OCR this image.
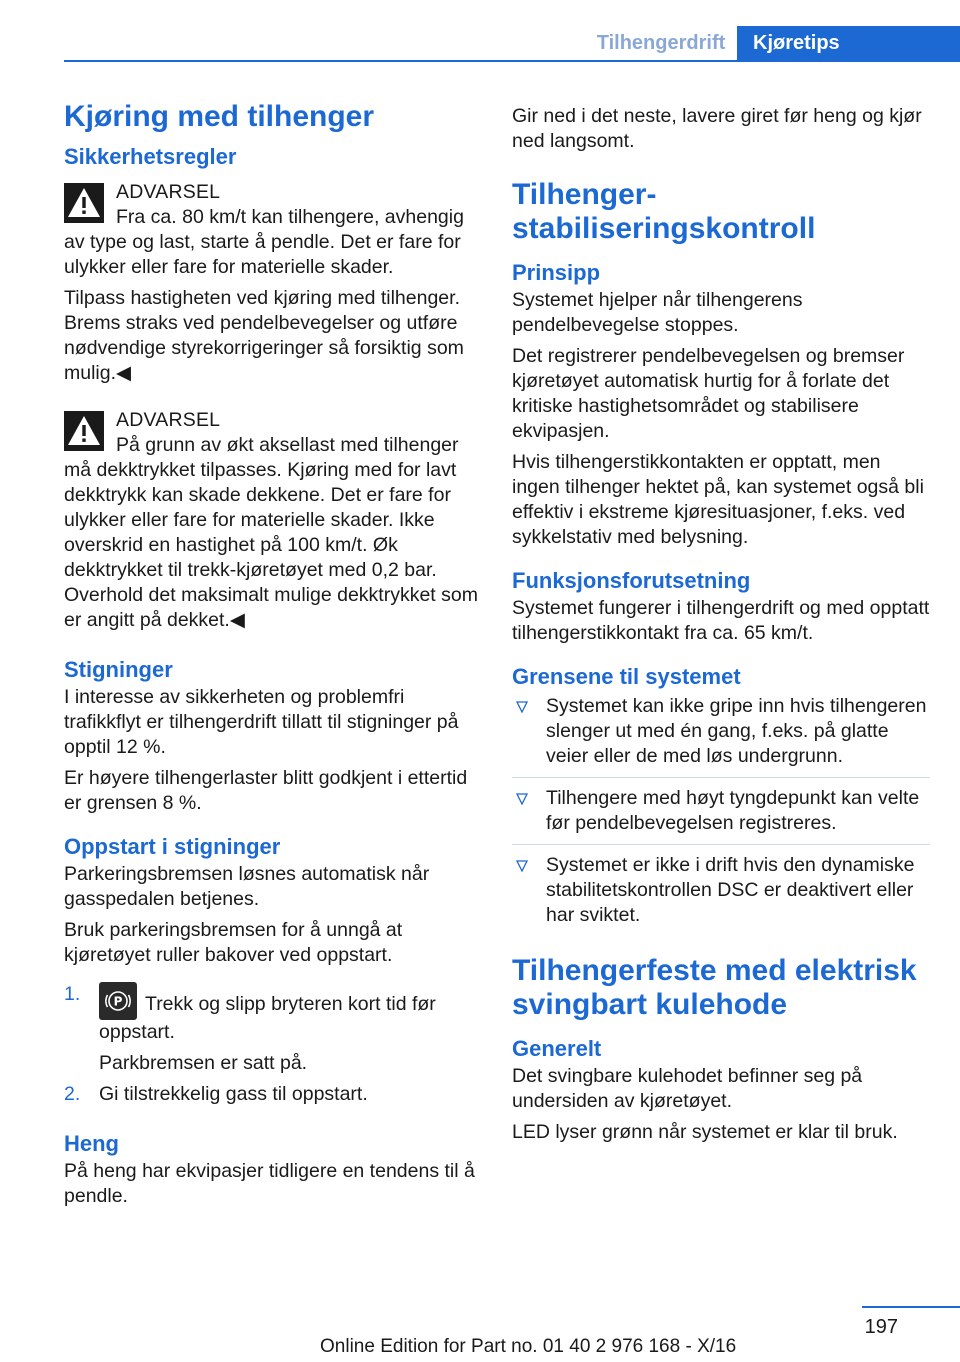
Tilhengerdrift	Kjøretips
Kjøring med tilhenger
Sikkerhetsregler
ADVARSEL
Fra ca. 80 km/t kan tilhengere, avhengig av type og last, starte å pendle. Det er fare for ulykker eller fare for materielle skader.

Tilpass hastigheten ved kjøring med tilhenger. Brems straks ved pendelbevegelser og utføre nødvendige styrekorrigeringer så forsiktig som mulig.◀

ADVARSEL
På grunn av økt aksellast med tilhenger må dekktrykket tilpasses. Kjøring med for lavt dekktrykk kan skade dekkene. Det er fare for ulykker eller fare for materielle skader. Ikke overskrid en hastighet på 100 km/t. Øk dekktrykket til trekk-kjøretøyet med 0,2 bar. Overhold det maksimalt mulige dekktrykket som er angitt på dekket.◀
Stigninger

I interesse av sikkerheten og problemfri trafikkflyt er tilhengerdrift tillatt til stigninger på opptil 12 %.

Er høyere tilhengerlaster blitt godkjent i ettertid er grensen 8 %.

Oppstart i stigninger

Parkeringsbremsen løsnes automatisk når gasspedalen betjenes.

Bruk parkeringsbremsen for å unngå at kjøretøyet ruller bakover ved oppstart.

1.	P Trekk og slipp bryteren kort tid før oppstart.
Parkbremsen er satt på.
2. Gi tilstrekkelig gass til oppstart.
Heng

På heng har ekvipasjer tidligere en tendens til å pendle.

Gir ned i det neste, lavere giret før heng og kjør ned langsomt.

Tilhenger-stabiliseringskontroll
Prinsipp

Systemet hjelper når tilhengerens pendelbevegelse stoppes.

Det registrerer pendelbevegelsen og bremser kjøretøyet automatisk hurtig for å forlate det kritiske hastighetsområdet og stabilisere ekvipasjen.

Hvis tilhengerstikkontakten er opptatt, men ingen tilhenger hektet på, kan systemet også bli effektiv i ekstreme kjøresituasjoner, f.eks. ved sykkelstativ med belysning.

Funksjonsforutsetning

Systemet fungerer i tilhengerdrift og med opptatt tilhengerstikkontakt fra ca. 65 km/t.

Grensene til systemet
Systemet kan ikke gripe inn hvis tilhengeren slenger ut med én gang, f.eks. på glatte veier eller de med løs undergrunn.
Tilhengere med høyt tyngdepunkt kan velte før pendelbevegelsen registreres.
Systemet er ikke i drift hvis den dynamiske stabilitetskontrollen DSC er deaktivert eller har sviktet.
Tilhengerfeste med elektrisk svingbart kulehode
Generelt

Det svingbare kulehodet befinner seg på undersiden av kjøretøyet.

LED lyser grønn når systemet er klar til bruk.

197
Online Edition for Part no. 01 40 2 976 168 - X/16
